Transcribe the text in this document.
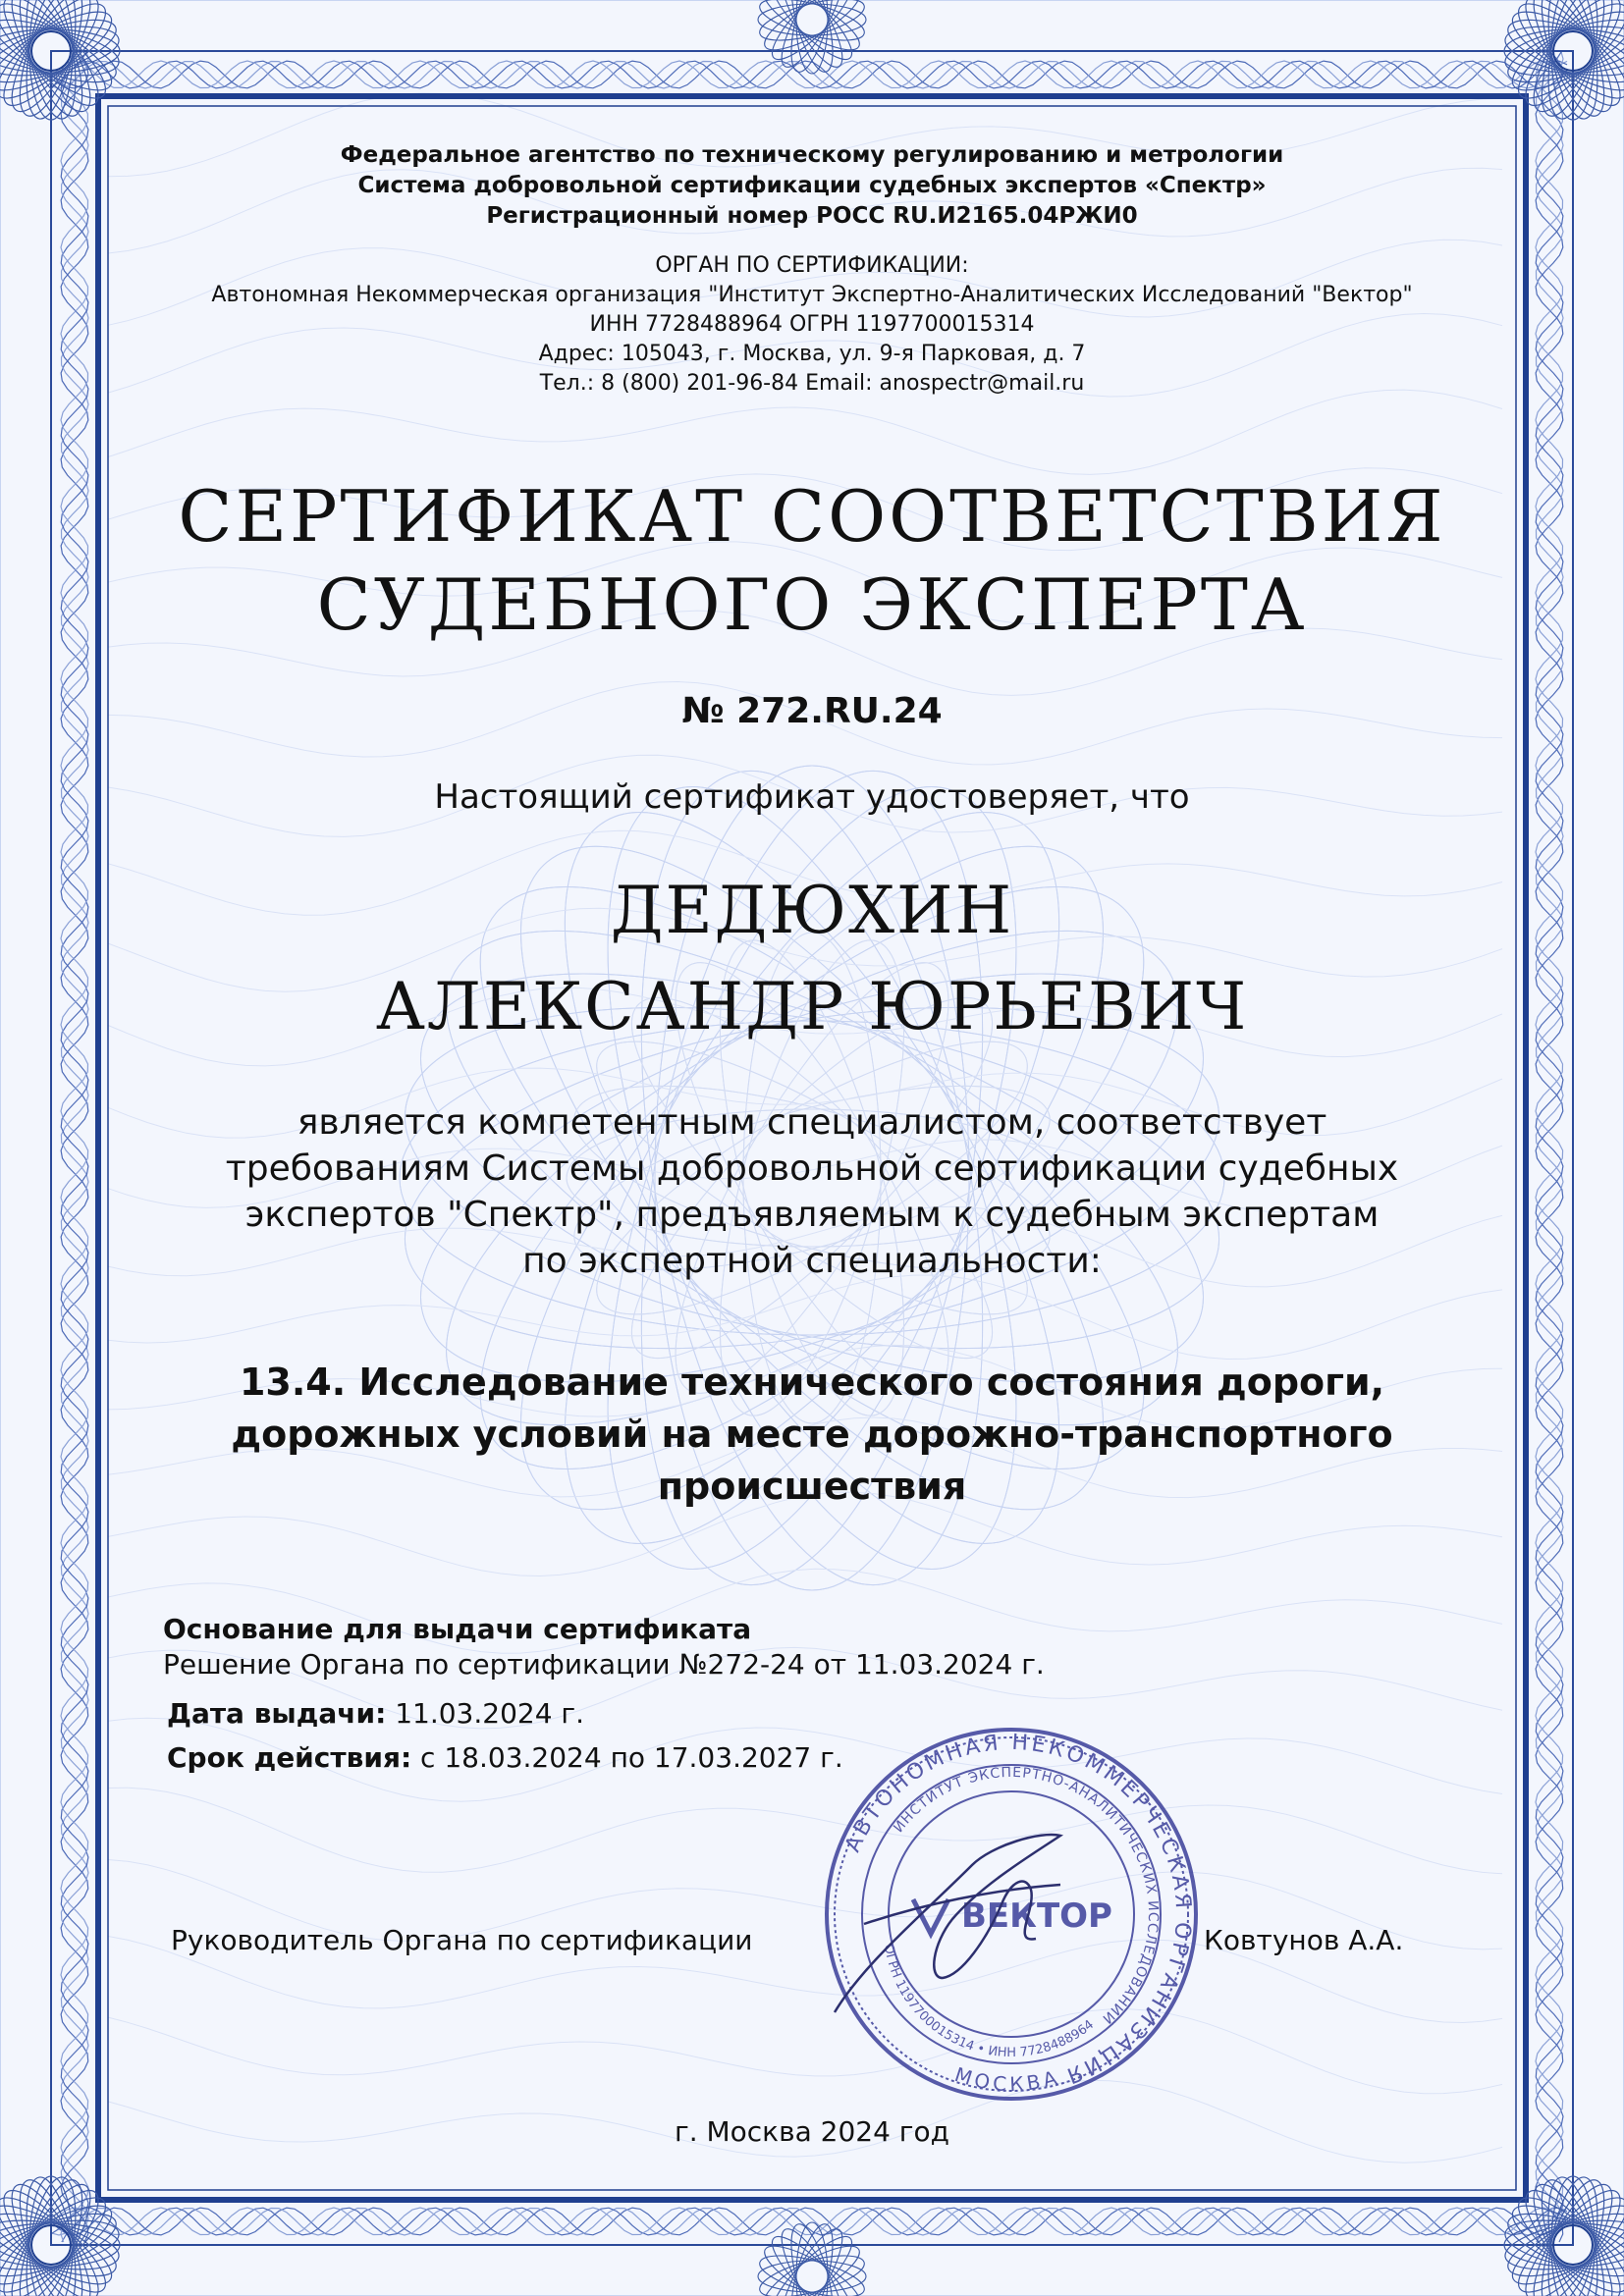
Федеральное агентство по техническому регулированию и метрологии

Система добровольной сертификации судебных экспертов «Спектр»

Регистрационный номер РОСС RU.И2165.04РЖИ0

ОРГАН ПО СЕРТИФИКАЦИИ:

Автономная Некоммерческая организация "Институт Экспертно-Аналитических Исследований "Вектор"

ИНН 7728488964 ОГРН 1197700015314

Адрес: 105043, г. Москва, ул. 9-я Парковая, д. 7

Тел.: 8 (800) 201-96-84 Email: anospectr@mail.ru

СЕРТИФИКАТ СООТВЕТСТВИЯ

СУДЕБНОГО ЭКСПЕРТА

№ 272.RU.24

Настоящий сертификат удостоверяет, что

ДЕДЮХИН

АЛЕКСАНДР ЮРЬЕВИЧ

является компетентным специалистом, соответствует

требованиям Системы добровольной сертификации судебных

экспертов "Спектр", предъявляемым к судебным экспертам

по экспертной специальности:

13.4. Исследование технического состояния дороги,

дорожных условий на месте дорожно-транспортного

происшествия

Основание для выдачи сертификата
Решение Органа по сертификации №272-24 от 11.03.2024 г.
Дата выдачи: 11.03.2024 г.
Срок действия: с 18.03.2024 по 17.03.2027 г.
АВТОНОМНАЯ НЕКОММЕРЧЕСКАЯ ОРГАНИЗАЦИЯ
ИНСТИТУТ ЭКСПЕРТНО-АНАЛИТИЧЕСКИХ ИССЛЕДОВАНИЙ
ОГРН 1197700015314 • ИНН 7728488964
МОСКВА
ВЕКТОР
Руководитель Органа по сертификации	Ковтунов А.А.

г. Москва 2024 год
